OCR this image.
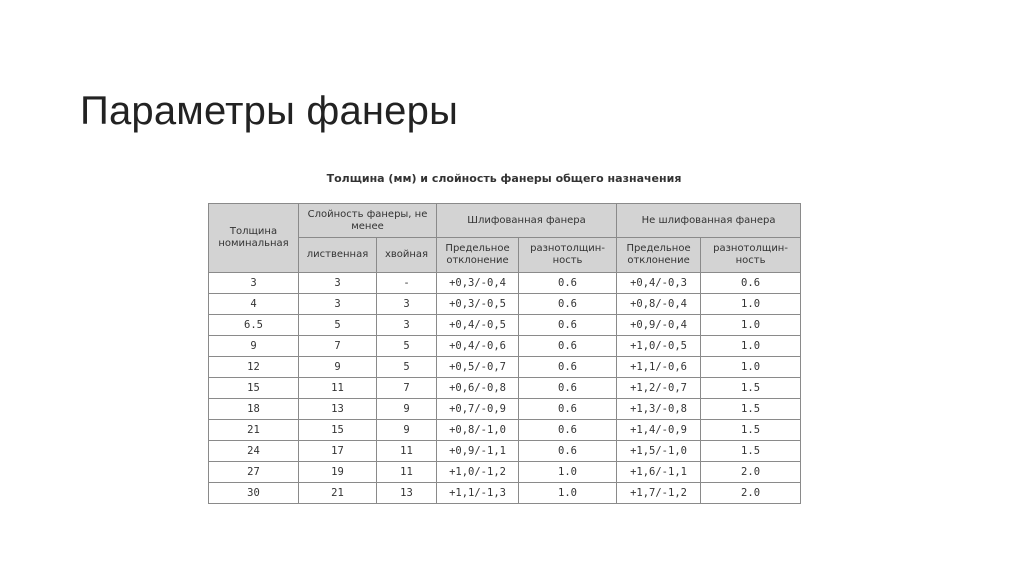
Параметры фанеры
Толщина (мм) и слойность фанеры общего назначения
Толщина номинальная	Слойность фанеры, не менее		Шлифованная фанера		Не шлифованная фанера	
	лиственная	хвойная	Предельное отклонение	разнотолщин-ность	Предельное отклонение	разнотолщин-ность
3	3	-	+0,3/-0,4	0.6	+0,4/-0,3	0.6
4	3	3	+0,3/-0,5	0.6	+0,8/-0,4	1.0
6.5	5	3	+0,4/-0,5	0.6	+0,9/-0,4	1.0
9	7	5	+0,4/-0,6	0.6	+1,0/-0,5	1.0
12	9	5	+0,5/-0,7	0.6	+1,1/-0,6	1.0
15	11	7	+0,6/-0,8	0.6	+1,2/-0,7	1.5
18	13	9	+0,7/-0,9	0.6	+1,3/-0,8	1.5
21	15	9	+0,8/-1,0	0.6	+1,4/-0,9	1.5
24	17	11	+0,9/-1,1	0.6	+1,5/-1,0	1.5
27	19	11	+1,0/-1,2	1.0	+1,6/-1,1	2.0
30	21	13	+1,1/-1,3	1.0	+1,7/-1,2	2.0
